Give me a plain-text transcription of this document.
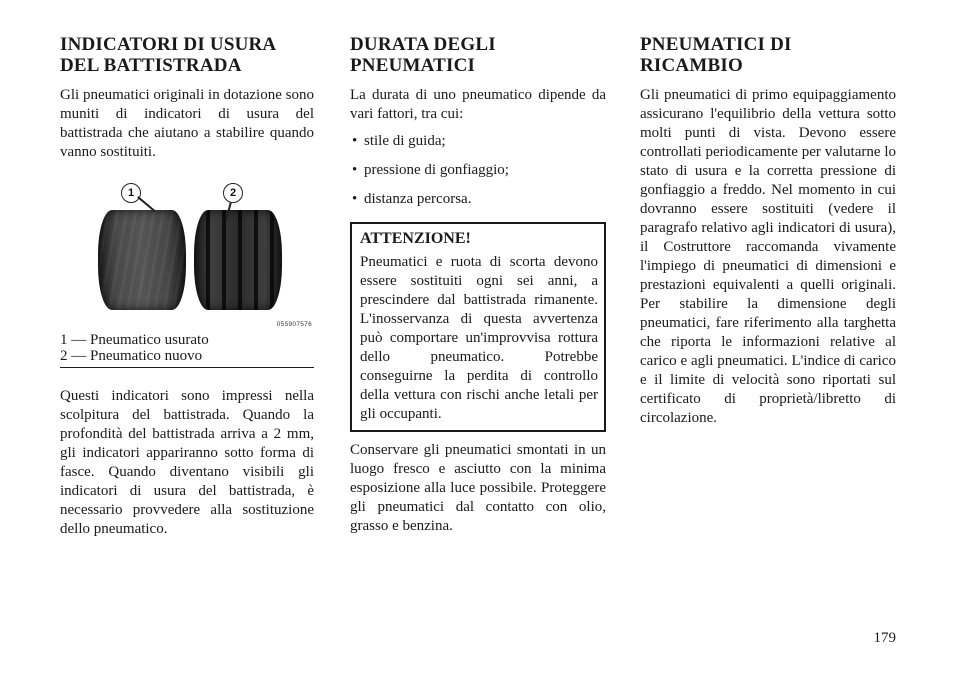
INDICATORI DI USURA
DEL BATTISTRADA

Gli pneumatici originali in dotazione sono muniti di indicatori di usura del battistrada che aiutano a stabilire quando vanno sostituiti.

1	2
055907576
1 — Pneumatico usurato
2 — Pneumatico nuovo

Questi indicatori sono impressi nella scolpitura del battistrada. Quando la profondità del battistrada arriva a 2 mm, gli indicatori appariranno sotto forma di fasce. Quando diventano visibili gli indicatori di usura del battistrada, è necessario provvedere alla sostituzione dello pneumatico.

DURATA DEGLI
PNEUMATICI

La durata di uno pneumatico dipende da vari fattori, tra cui:

• stile di guida;
• pressione di gonfiaggio;
• distanza percorsa.
ATTENZIONE!

Pneumatici e ruota di scorta devono essere sostituiti ogni sei anni, a prescindere dal battistrada rimanente. L'inosservanza di questa avvertenza può comportare un'improvvisa rottura dello pneumatico. Potrebbe conseguirne la perdita di controllo della vettura con rischi anche letali per gli occupanti.

Conservare gli pneumatici smontati in un luogo fresco e asciutto con la minima esposizione alla luce possibile. Proteggere gli pneumatici dal contatto con olio, grasso e benzina.

PNEUMATICI DI RICAMBIO

Gli pneumatici di primo equipaggiamento assicurano l'equilibrio della vettura sotto molti punti di vista. Devono essere controllati periodicamente per valutarne lo stato di usura e la corretta pressione di gonfiaggio a freddo. Nel momento in cui dovranno essere sostituiti (vedere il paragrafo relativo agli indicatori di usura), il Costruttore raccomanda vivamente l'impiego di pneumatici di dimensioni e prestazioni equivalenti a quelli originali. Per stabilire la dimensione degli pneumatici, fare riferimento alla targhetta che riporta le informazioni relative al carico e agli pneumatici. L'indice di carico e il limite di velocità sono riportati sul certificato di proprietà/libretto di circolazione.

179
